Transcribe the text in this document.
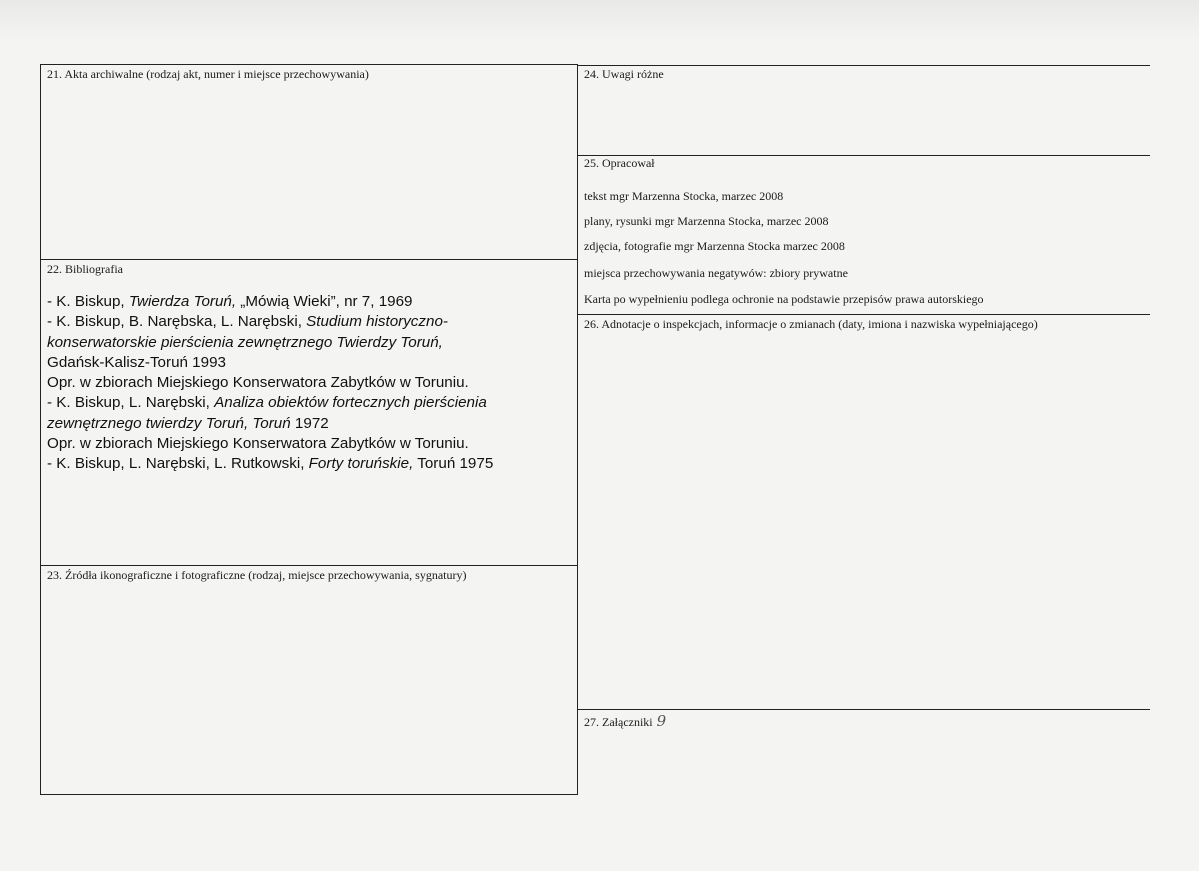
21. Akta archiwalne (rodzaj akt, numer i miejsce przechowywania)
22. Bibliografia
23. Źródła ikonograficzne i fotograficzne (rodzaj, miejsce przechowywania, sygnatury)
- K. Biskup, Twierdza Toruń, „Mówią Wieki”, nr 7, 1969
- K. Biskup, B. Narębska, L. Narębski, Studium historyczno-
konserwatorskie pierścienia zewnętrznego Twierdzy Toruń,
Gdańsk-Kalisz-Toruń 1993
Opr. w zbiorach Miejskiego Konserwatora Zabytków w Toruniu.
- K. Biskup, L. Narębski, Analiza obiektów fortecznych pierścienia
zewnętrznego twierdzy Toruń, Toruń 1972
Opr. w zbiorach Miejskiego Konserwatora Zabytków w Toruniu.
- K. Biskup, L. Narębski, L. Rutkowski, Forty toruńskie, Toruń 1975
24. Uwagi różne
25. Opracował
tekst mgr Marzenna Stocka, marzec 2008
plany, rysunki mgr Marzenna Stocka, marzec 2008
zdjęcia, fotografie mgr Marzenna Stocka marzec 2008
miejsca przechowywania negatywów: zbiory prywatne
Karta po wypełnieniu podlega ochronie na podstawie przepisów prawa autorskiego
26. Adnotacje o inspekcjach, informacje o zmianach (daty, imiona i nazwiska wypełniającego)
27. Załączniki 9
